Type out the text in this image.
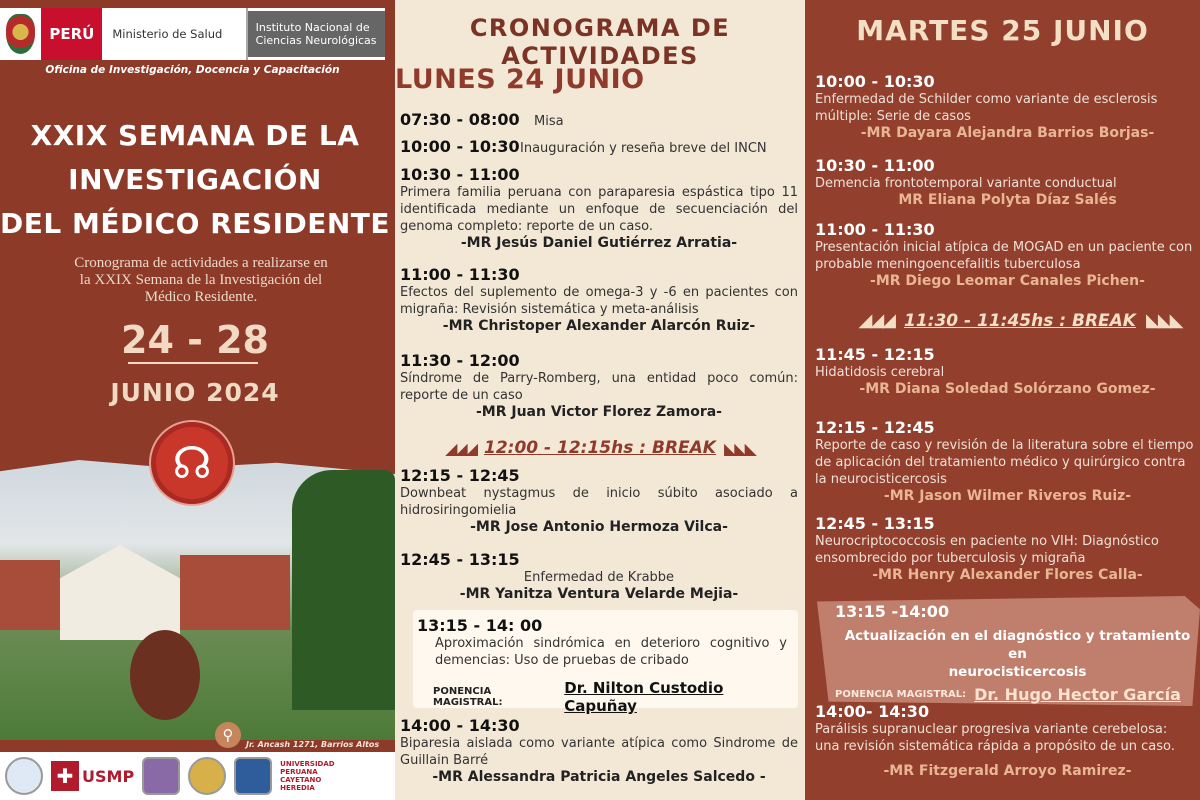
PERÚ	Ministerio de Salud	Instituto Nacional de Ciencias Neurológicas
Oficina de Investigación, Docencia y Capacitación
XXIX SEMANA DE LA
INVESTIGACIÓN
DEL MÉDICO RESIDENTE
Cronograma de actividades a realizarse en la XXIX Semana de la Investigación del Médico Residente.
24 - 28
JUNIO 2024
☊
⚲
Jr. Ancash 1271, Barrios Altos
✚ USMP
UNIVERSIDAD PERUANA CAYETANO HEREDIA
CRONOGRAMA DE ACTIVIDADES
LUNES 24 JUNIO
07:30 - 08:00 Misa
10:00 - 10:30 Inauguración y reseña breve del INCN
10:30 - 11:00
Primera familia peruana con paraparesia espástica tipo 11 identificada mediante un enfoque de secuenciación del genoma completo: reporte de un caso.
-MR Jesús Daniel Gutiérrez Arratia-
11:00 - 11:30
Efectos del suplemento de omega-3 y -6 en pacientes con migraña: Revisión sistemática y meta-análisis
-MR Christoper Alexander Alarcón Ruiz-
11:30 - 12:00
Síndrome de Parry-Romberg, una entidad poco común: reporte de un caso
-MR Juan Victor Florez Zamora-
◢◢◢ 12:00 - 12:15hs : BREAK ◣◣◣
12:15 - 12:45
Downbeat nystagmus de inicio súbito asociado a hidrosiringomielia
-MR Jose Antonio Hermoza Vilca-
12:45 - 13:15
Enfermedad de Krabbe
-MR Yanitza Ventura Velarde Mejia-
13:15 - 14: 00
Aproximación sindrómica en deterioro cognitivo y demencias: Uso de pruebas de cribado
PONENCIA MAGISTRAL:
Dr. Nilton Custodio Capuñay
14:00 - 14:30
Biparesia aislada como variante atípica como Sindrome de Guillain Barré
-MR Alessandra Patricia Angeles Salcedo -
MARTES 25 JUNIO
10:00 - 10:30
Enfermedad de Schilder como variante de esclerosis
múltiple: Serie de casos
-MR Dayara Alejandra Barrios Borjas-
10:30 - 11:00
Demencia frontotemporal variante conductual
MR Eliana Polyta Díaz Salés
11:00 - 11:30
Presentación inicial atípica de MOGAD en un paciente con
probable meningoencefalitis tuberculosa
-MR Diego Leomar Canales Pichen-
◢◢◢ 11:30 - 11:45hs : BREAK ◣◣◣
11:45 - 12:15
Hidatidosis cerebral
-MR Diana Soledad Solórzano Gomez-
12:15 - 12:45
Reporte de caso y revisión de la literatura sobre el tiempo
de aplicación del tratamiento médico y quirúrgico contra
la neurocisticercosis
-MR Jason Wilmer Riveros Ruiz-
12:45 - 13:15
Neurocriptococcosis en paciente no VIH: Diagnóstico
ensombrecido por tuberculosis y migraña
-MR Henry Alexander Flores Calla-
13:15 -14:00
Actualización en el diagnóstico y tratamiento en
neurocisticercosis
PONENCIA MAGISTRAL: Dr. Hugo Hector García
14:00- 14:30
Parálisis supranuclear progresiva variante cerebelosa:
una revisión sistemática rápida a propósito de un caso.
-MR Fitzgerald Arroyo Ramirez-
